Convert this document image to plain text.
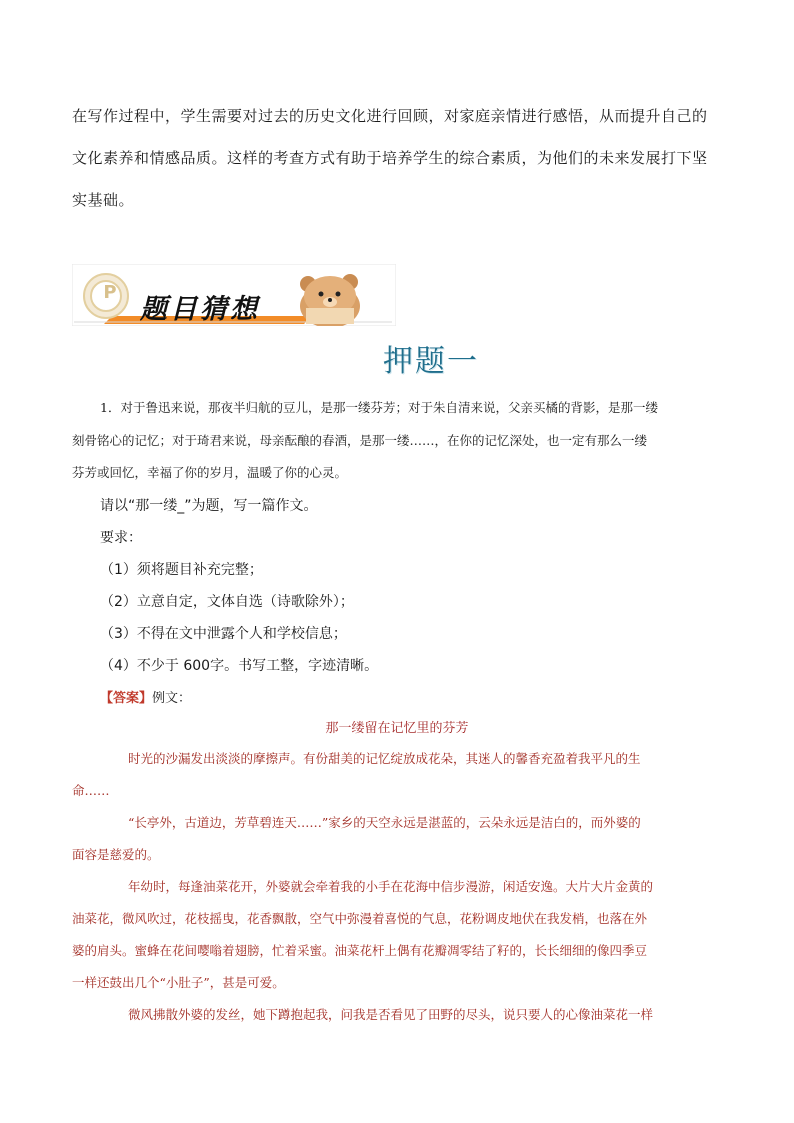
在写作过程中，学生需要对过去的历史文化进行回顾，对家庭亲情进行感悟，从而提升自己的

文化素养和情感品质。这样的考查方式有助于培养学生的综合素质，为他们的未来发展打下坚

实基础。

题目猜想
P
押题一
1．对于鲁迅来说，那夜半归航的豆儿，是那一缕芬芳；对于朱自清来说，父亲买橘的背影，是那一缕
刻骨铭心的记忆；对于琦君来说，母亲酝酿的春酒，是那一缕……，在你的记忆深处，也一定有那么一缕
芬芳或回忆，幸福了你的岁月，温暖了你的心灵。
请以“那一缕_”为题，写一篇作文。
要求：
（1）须将题目补充完整；
（2）立意自定，文体自选（诗歌除外）；
（3）不得在文中泄露个人和学校信息；
（4）不少于 600字。书写工整，字迹清晰。
【答案】例文：
那一缕留在记忆里的芬芳
时光的沙漏发出淡淡的摩擦声。有份甜美的记忆绽放成花朵，其迷人的馨香充盈着我平凡的生
命……
“长亭外，古道边，芳草碧连天……”家乡的天空永远是湛蓝的，云朵永远是洁白的，而外婆的
面容是慈爱的。
年幼时，每逢油菜花开，外婆就会牵着我的小手在花海中信步漫游，闲适安逸。大片大片金黄的
油菜花，微风吹过，花枝摇曳，花香飘散，空气中弥漫着喜悦的气息，花粉调皮地伏在我发梢，也落在外
婆的肩头。蜜蜂在花间嘤嗡着翅膀，忙着采蜜。油菜花杆上偶有花瓣凋零结了籽的，长长细细的像四季豆
一样还鼓出几个“小肚子”，甚是可爱。
微风拂散外婆的发丝，她下蹲抱起我，问我是否看见了田野的尽头，说只要人的心像油菜花一样
